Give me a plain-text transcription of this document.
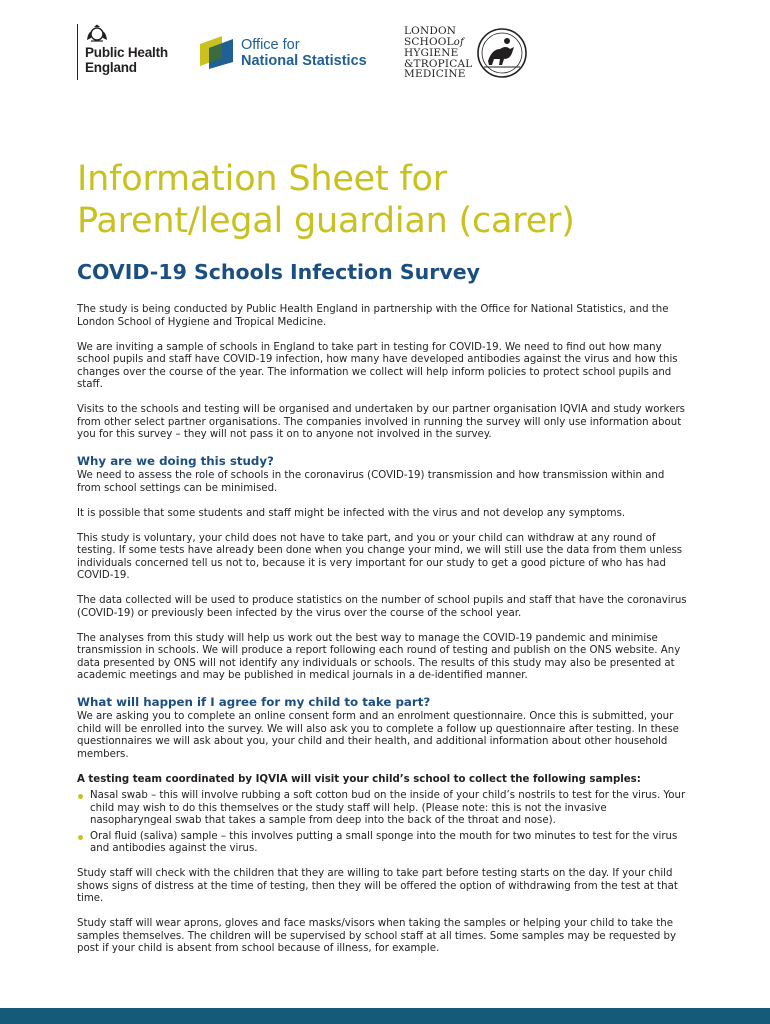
Public Health
England
Office for
National Statistics
LONDON
SCHOOLof
HYGIENE
&TROPICAL
MEDICINE
Information Sheet for
Parent/legal guardian (carer)
COVID-19 Schools Infection Survey

The study is being conducted by Public Health England in partnership with the Office for National Statistics, and the London School of Hygiene and Tropical Medicine.

We are inviting a sample of schools in England to take part in testing for COVID-19. We need to find out how many school pupils and staff have COVID-19 infection, how many have developed antibodies against the virus and how this changes over the course of the year. The information we collect will help inform policies to protect school pupils and staff.

Visits to the schools and testing will be organised and undertaken by our partner organisation IQVIA and study workers from other select partner organisations. The companies involved in running the survey will only use information about you for this survey – they will not pass it on to anyone not involved in the survey.

Why are we doing this study?

We need to assess the role of schools in the coronavirus (COVID-19) transmission and how transmission within and from school settings can be minimised.

It is possible that some students and staff might be infected with the virus and not develop any symptoms.

This study is voluntary, your child does not have to take part, and you or your child can withdraw at any round of testing. If some tests have already been done when you change your mind, we will still use the data from them unless individuals concerned tell us not to, because it is very important for our study to get a good picture of who has had COVID-19.

The data collected will be used to produce statistics on the number of school pupils and staff that have the coronavirus (COVID-19) or previously been infected by the virus over the course of the school year.

The analyses from this study will help us work out the best way to manage the COVID-19 pandemic and minimise transmission in schools. We will produce a report following each round of testing and publish on the ONS website. Any data presented by ONS will not identify any individuals or schools. The results of this study may also be presented at academic meetings and may be published in medical journals in a de-identified manner.

What will happen if I agree for my child to take part?

We are asking you to complete an online consent form and an enrolment questionnaire. Once this is submitted, your child will be enrolled into the survey. We will also ask you to complete a follow up questionnaire after testing. In these questionnaires we will ask about you, your child and their health, and additional information about other household members.

A testing team coordinated by IQVIA will visit your child’s school to collect the following samples:

Nasal swab – this will involve rubbing a soft cotton bud on the inside of your child’s nostrils to test for the virus. Your child may wish to do this themselves or the study staff will help. (Please note: this is not the invasive nasopharyngeal swab that takes a sample from deep into the back of the throat and nose).
Oral fluid (saliva) sample – this involves putting a small sponge into the mouth for two minutes to test for the virus and antibodies against the virus.

Study staff will check with the children that they are willing to take part before testing starts on the day. If your child shows signs of distress at the time of testing, then they will be offered the option of withdrawing from the test at that time.

Study staff will wear aprons, gloves and face masks/visors when taking the samples or helping your child to take the samples themselves. The children will be supervised by school staff at all times. Some samples may be requested by post if your child is absent from school because of illness, for example.
